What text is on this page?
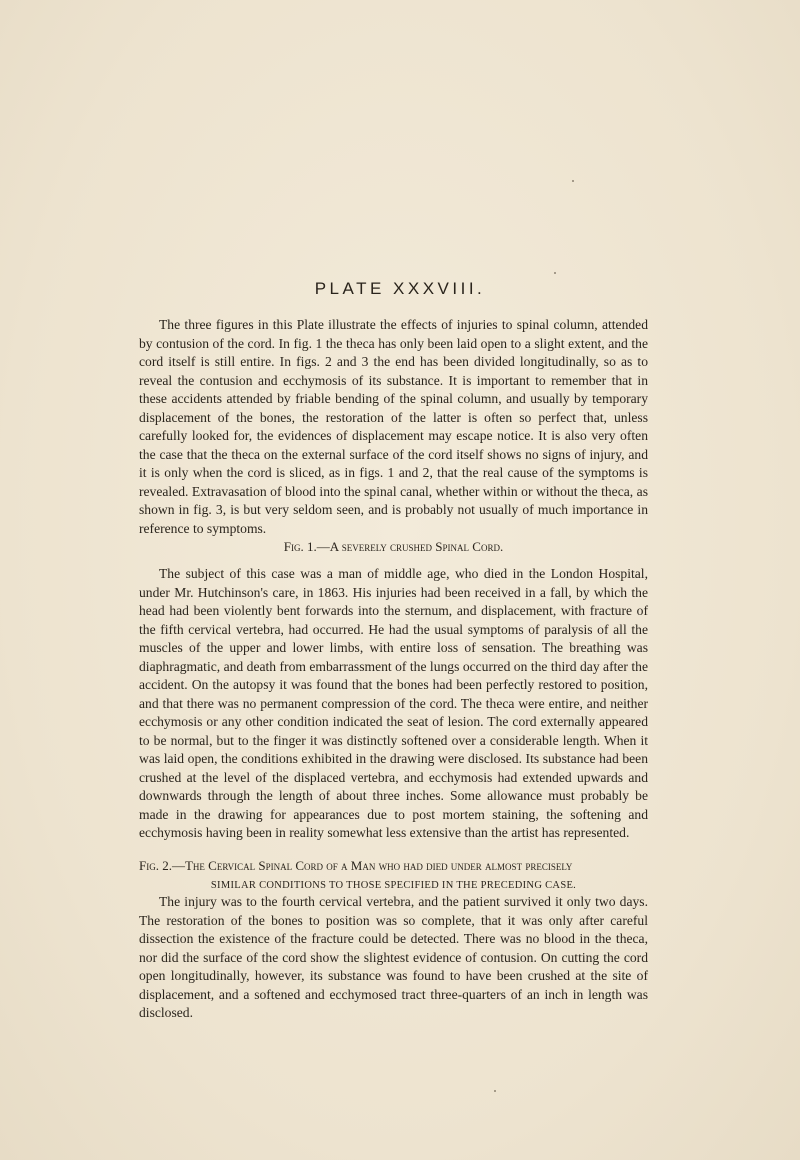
PLATE XXXVIII.

The three figures in this Plate illustrate the effects of injuries to spinal column, attended by contusion of the cord. In fig. 1 the theca has only been laid open to a slight extent, and the cord itself is still entire. In figs. 2 and 3 the end has been divided longitudinally, so as to reveal the contusion and ecchymosis of its substance. It is important to remember that in these accidents attended by friable bending of the spinal column, and usually by temporary displacement of the bones, the restoration of the latter is often so perfect that, unless carefully looked for, the evidences of displacement may escape notice. It is also very often the case that the theca on the external surface of the cord itself shows no signs of injury, and it is only when the cord is sliced, as in figs. 1 and 2, that the real cause of the symptoms is revealed. Extravasation of blood into the spinal canal, whether within or without the theca, as shown in fig. 3, is but very seldom seen, and is probably not usually of much importance in reference to symptoms.

Fig. 1.—A severely crushed Spinal Cord.

The subject of this case was a man of middle age, who died in the London Hospital, under Mr. Hutchinson's care, in 1863. His injuries had been received in a fall, by which the head had been violently bent forwards into the sternum, and displacement, with fracture of the fifth cervical vertebra, had occurred. He had the usual symptoms of paralysis of all the muscles of the upper and lower limbs, with entire loss of sensation. The breathing was diaphragmatic, and death from embarrassment of the lungs occurred on the third day after the accident. On the autopsy it was found that the bones had been perfectly restored to position, and that there was no permanent compression of the cord. The theca were entire, and neither ecchymosis or any other condition indicated the seat of lesion. The cord externally appeared to be normal, but to the finger it was distinctly softened over a considerable length. When it was laid open, the conditions exhibited in the drawing were disclosed. Its substance had been crushed at the level of the displaced vertebra, and ecchymosis had extended upwards and downwards through the length of about three inches. Some allowance must probably be made in the drawing for appearances due to post mortem staining, the softening and ecchymosis having been in reality somewhat less extensive than the artist has represented.

Fig. 2.—The Cervical Spinal Cord of a Man who had died under almost precisely
SIMILAR CONDITIONS TO THOSE SPECIFIED IN THE PRECEDING CASE.

The injury was to the fourth cervical vertebra, and the patient survived it only two days. The restoration of the bones to position was so complete, that it was only after careful dissection the existence of the fracture could be detected. There was no blood in the theca, nor did the surface of the cord show the slightest evidence of contusion. On cutting the cord open longitudinally, however, its substance was found to have been crushed at the site of displacement, and a softened and ecchymosed tract three-quarters of an inch in length was disclosed.
